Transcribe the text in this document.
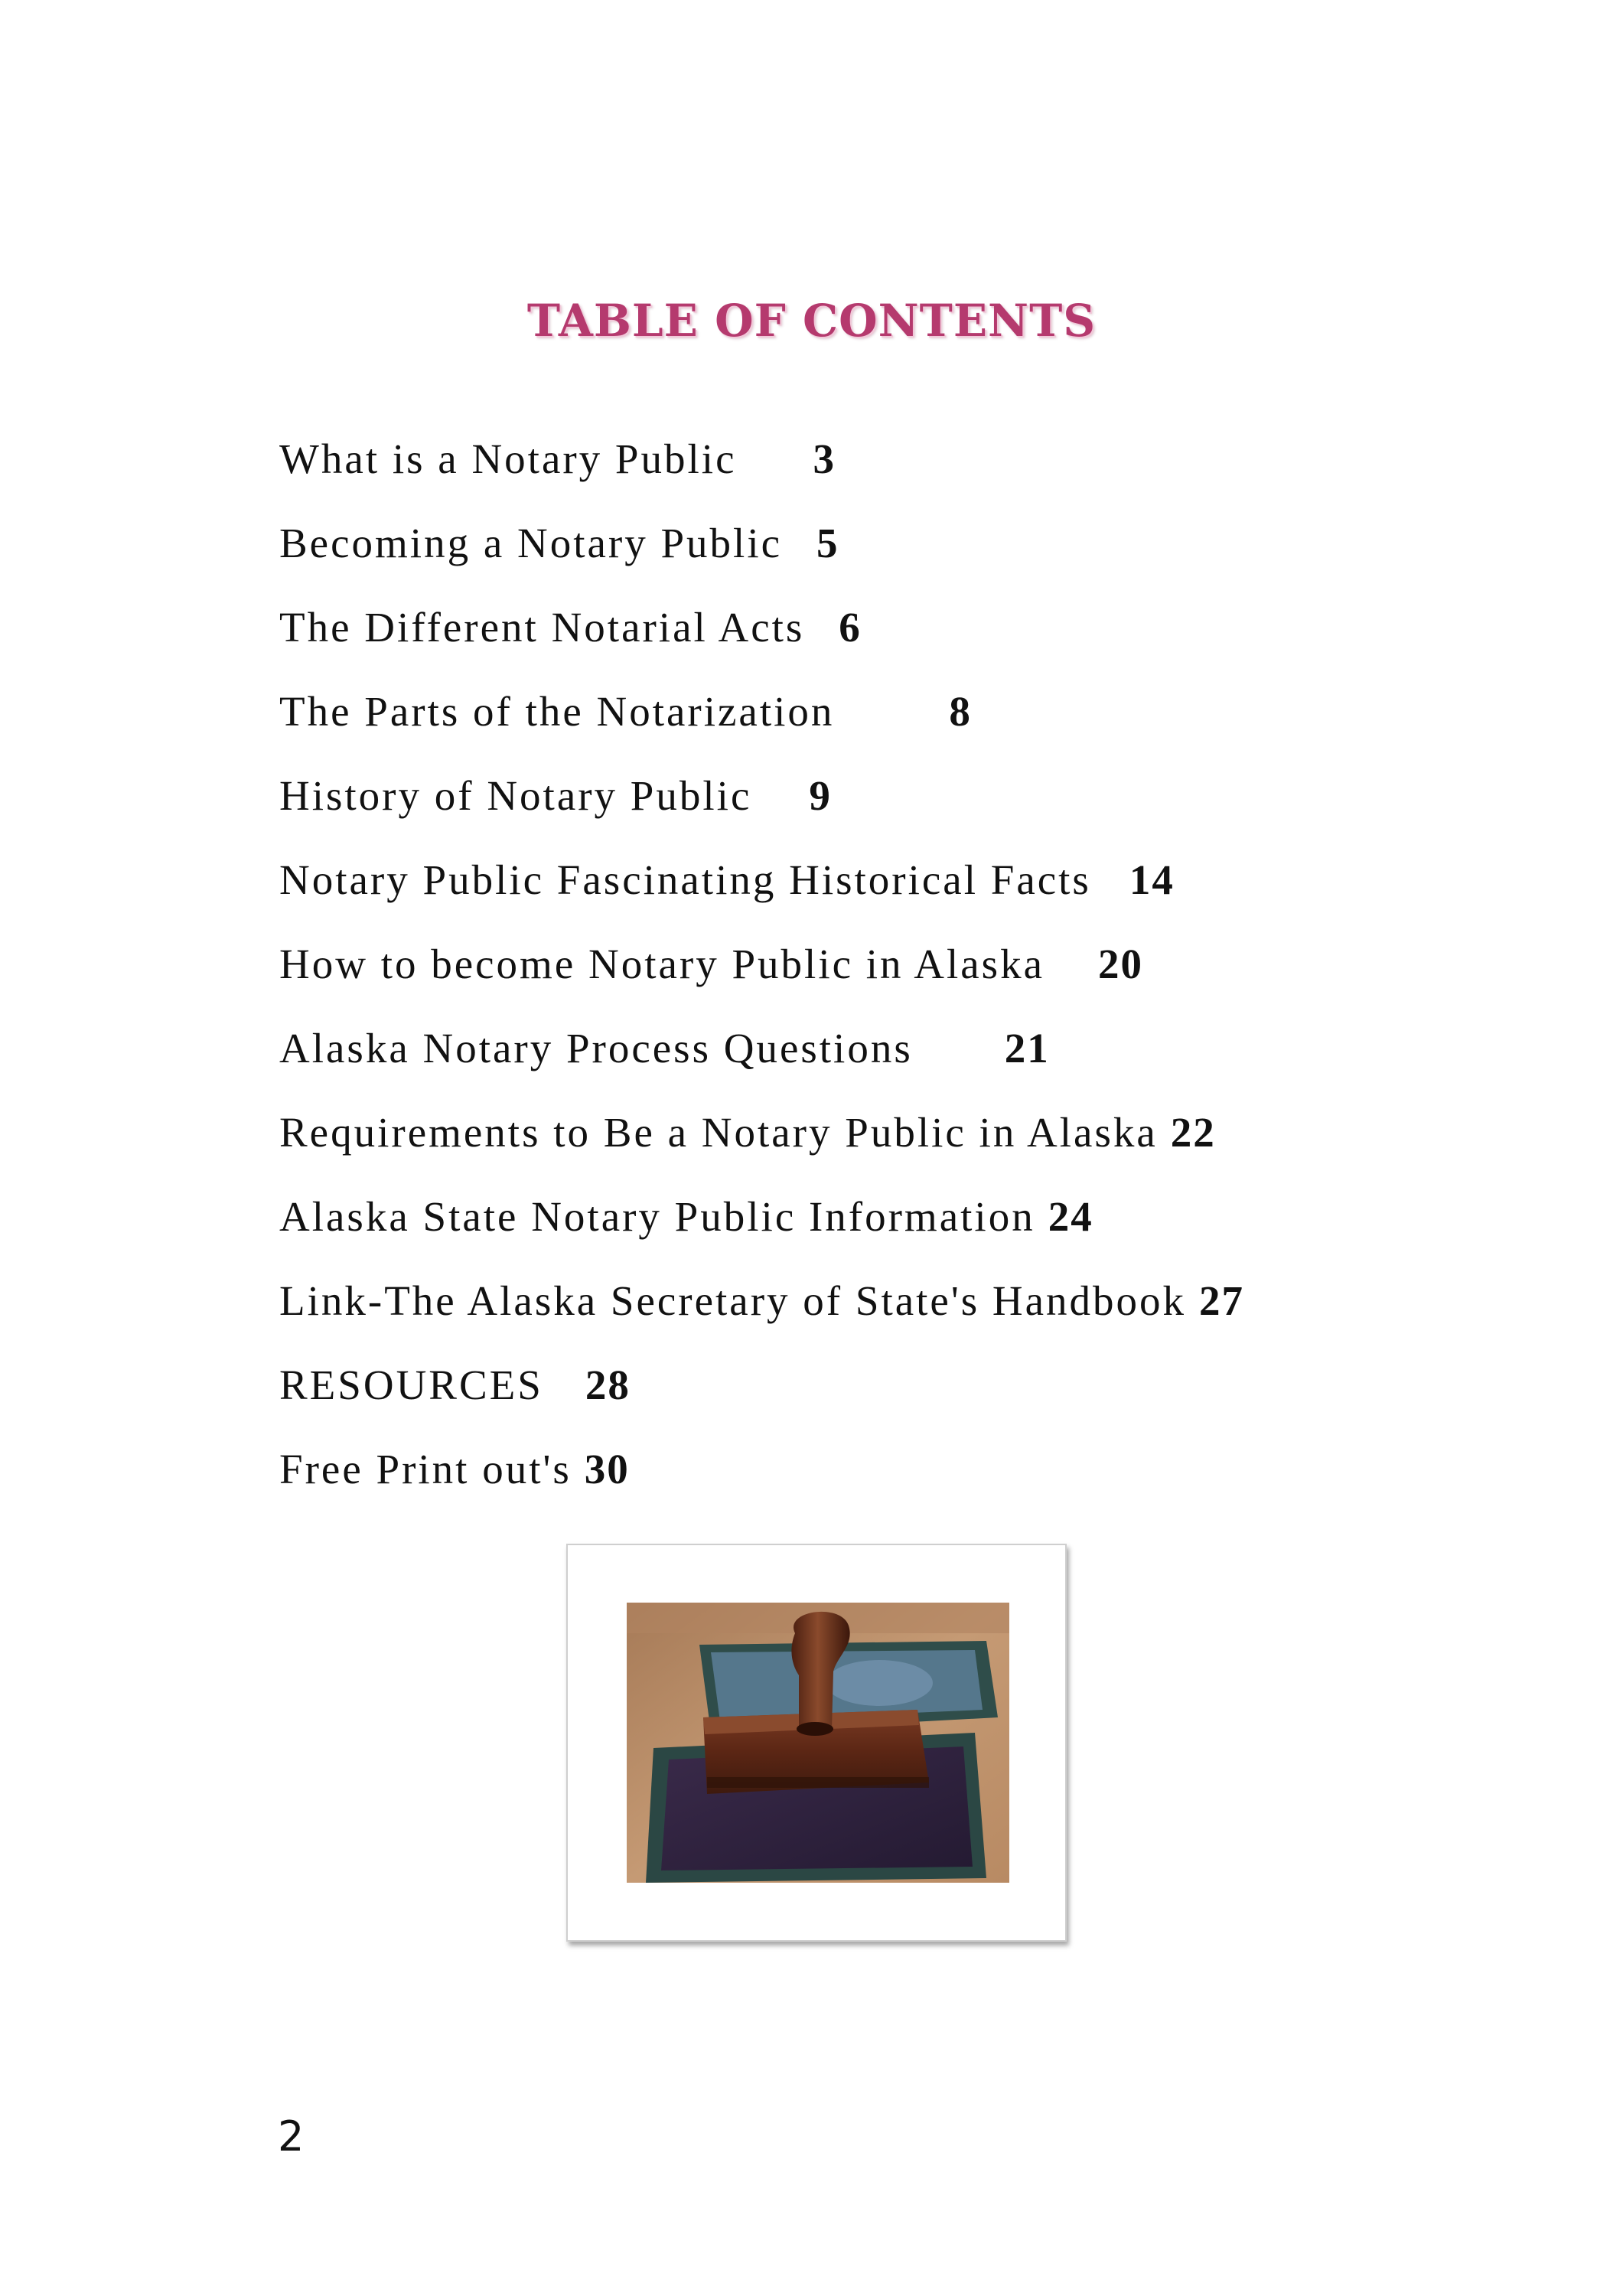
TABLE OF CONTENTS
What is a Notary Public 3
Becoming a Notary Public 5
The Different Notarial Acts 6
The Parts of the Notarization	8
History of Notary Public 9
Notary Public Fascinating Historical Facts 14
How to become Notary Public in Alaska 20
Alaska Notary Process Questions 21
Requirements to Be a Notary Public in Alaska 22
Alaska State Notary Public Information 24
Link-The Alaska Secretary of State's Handbook 27
RESOURCES 28
Free Print out's 30
2
